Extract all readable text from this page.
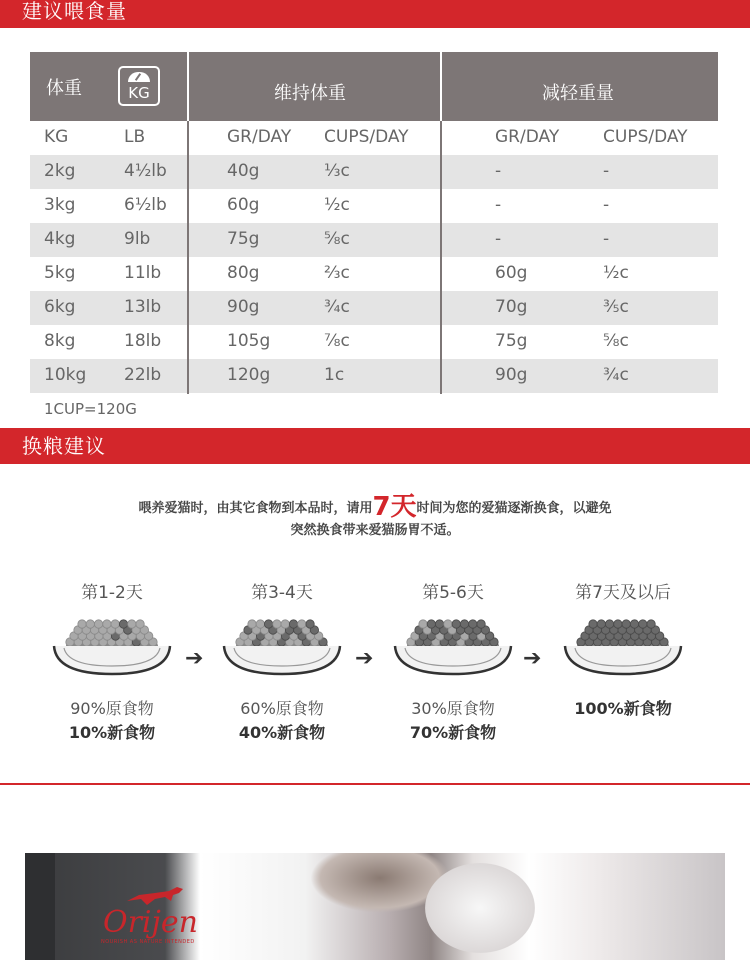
建议喂食量
体重	KG	维持体重	减轻重量
KG	LB	GR/DAY CUPS/DAY	GR/DAY	CUPS/DAY
2kg	4½lb	40g	⅓c	-	-
3kg	6½lb	60g	½c	-	-
4kg	9lb	75g	⅝c	-	-
5kg	11lb	80g	⅔c	60g	½c
6kg	13lb	90g	¾c	70g	⅗c
8kg	18lb	105g	⅞c	75g	⅝c
10kg 22lb	120g	1c	90g	¾c
1CUP=120G
换粮建议
喂养爱猫时，由其它食物到本品时，请用7天时间为您的爱猫逐渐换食，以避免
突然换食带来爱猫肠胃不适。
第1-2天
90%原食物
10%新食物
第3-4天
60%原食物
40%新食物
第5-6天
30%原食物
70%新食物
第7天及以后
100%新食物
➔	➔	➔
Orijen
NOURISH AS NATURE INTENDED
